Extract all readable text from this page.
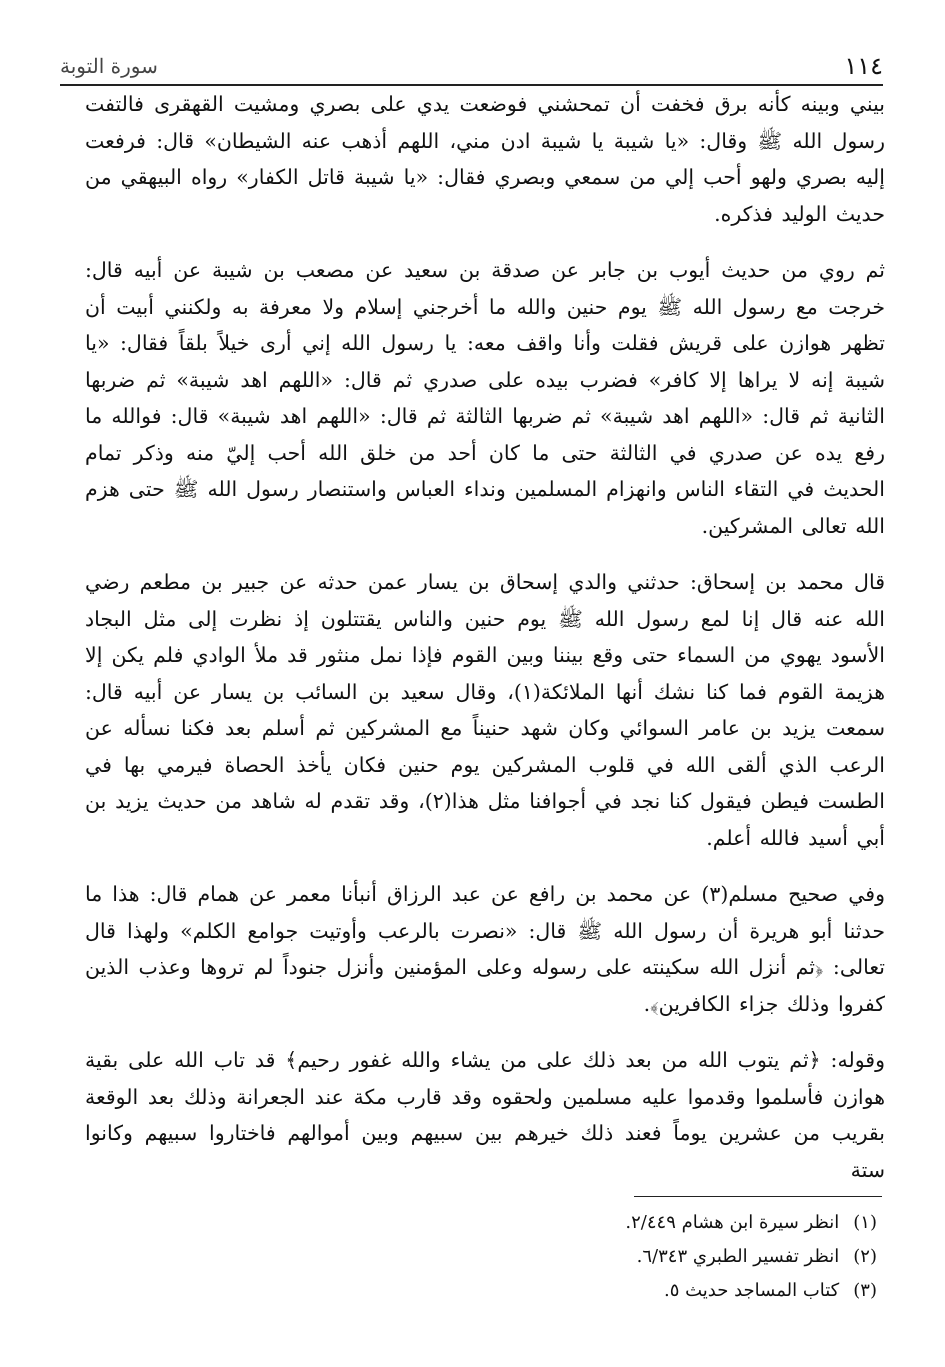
١١٤
سورة التوبة

بيني وبينه كأنه برق فخفت أن تمحشني فوضعت يدي على بصري ومشيت القهقرى فالتفت رسول الله ﷺ وقال: «يا شيبة يا شيبة ادن مني، اللهم أذهب عنه الشيطان» قال: فرفعت إليه بصري ولهو أحب إلي من سمعي وبصري فقال: «يا شيبة قاتل الكفار» رواه البيهقي من حديث الوليد فذكره.

ثم روي من حديث أيوب بن جابر عن صدقة بن سعيد عن مصعب بن شيبة عن أبيه قال: خرجت مع رسول الله ﷺ يوم حنين والله ما أخرجني إسلام ولا معرفة به ولكنني أبيت أن تظهر هوازن على قريش فقلت وأنا واقف معه: يا رسول الله إني أرى خيلاً بلقاً فقال: «يا شيبة إنه لا يراها إلا كافر» فضرب بيده على صدري ثم قال: «اللهم اهد شيبة» ثم ضربها الثانية ثم قال: «اللهم اهد شيبة» ثم ضربها الثالثة ثم قال: «اللهم اهد شيبة» قال: فوالله ما رفع يده عن صدري في الثالثة حتى ما كان أحد من خلق الله أحب إليّ منه وذكر تمام الحديث في التقاء الناس وانهزام المسلمين ونداء العباس واستنصار رسول الله ﷺ حتى هزم الله تعالى المشركين.

قال محمد بن إسحاق: حدثني والدي إسحاق بن يسار عمن حدثه عن جبير بن مطعم رضي الله عنه قال إنا لمع رسول الله ﷺ يوم حنين والناس يقتتلون إذ نظرت إلى مثل البجاد الأسود يهوي من السماء حتى وقع بيننا وبين القوم فإذا نمل منثور قد ملأ الوادي فلم يكن إلا هزيمة القوم فما كنا نشك أنها الملائكة(١)، وقال سعيد بن السائب بن يسار عن أبيه قال: سمعت يزيد بن عامر السوائي وكان شهد حنيناً مع المشركين ثم أسلم بعد فكنا نسأله عن الرعب الذي ألقى الله في قلوب المشركين يوم حنين فكان يأخذ الحصاة فيرمي بها في الطست فيطن فيقول كنا نجد في أجوافنا مثل هذا(٢)، وقد تقدم له شاهد من حديث يزيد بن أبي أسيد فالله أعلم.

وفي صحيح مسلم(٣) عن محمد بن رافع عن عبد الرزاق أنبأنا معمر عن همام قال: هذا ما حدثنا أبو هريرة أن رسول الله ﷺ قال: «نصرت بالرعب وأوتيت جوامع الكلم» ولهذا قال تعالى: ﴿ثم أنزل الله سكينته على رسوله وعلى المؤمنين وأنزل جنوداً لم تروها وعذب الذين كفروا وذلك جزاء الكافرين﴾.

وقوله: ﴿ثم يتوب الله من بعد ذلك على من يشاء والله غفور رحيم﴾ قد تاب الله على بقية هوازن فأسلموا وقدموا عليه مسلمين ولحقوه وقد قارب مكة عند الجعرانة وذلك بعد الوقعة بقريب من عشرين يوماً فعند ذلك خيرهم بين سبيهم وبين أموالهم فاختاروا سبيهم وكانوا ستة

(١)
انظر سيرة ابن هشام ٢/٤٤٩.
(٢)
انظر تفسير الطبري ٦/٣٤٣.
(٣)
كتاب المساجد حديث ٥.
